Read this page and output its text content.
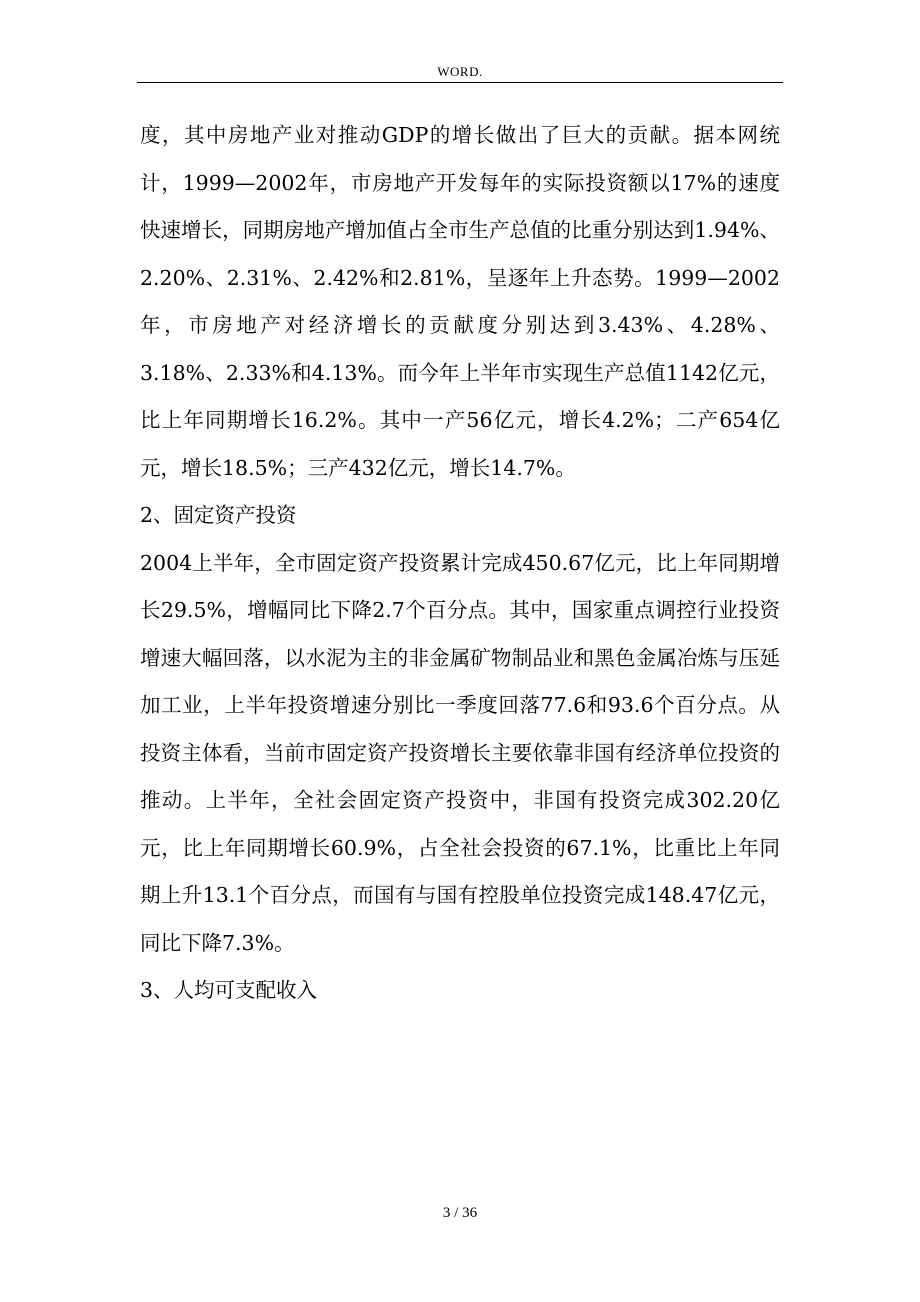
WORD.

度，其中房地产业对推动GDP的增长做出了巨大的贡献。据本网统计，1999—2002年，市房地产开发每年的实际投资额以17%的速度快速增长，同期房地产增加值占全市生产总值的比重分别达到1.94%、2.20%、2.31%、2.42%和2.81%，呈逐年上升态势。1999—2002年，市房地产对经济增长的贡献度分别达到3.43%、4.28%、3.18%、2.33%和4.13%。而今年上半年市实现生产总值1142亿元，比上年同期增长16.2%。其中一产56亿元，增长4.2%；二产654亿元，增长18.5%；三产432亿元，增长14.7%。

2、固定资产投资

2004上半年，全市固定资产投资累计完成450.67亿元，比上年同期增长29.5%，增幅同比下降2.7个百分点。其中，国家重点调控行业投资增速大幅回落，以水泥为主的非金属矿物制品业和黑色金属冶炼与压延加工业，上半年投资增速分别比一季度回落77.6和93.6个百分点。从投资主体看，当前市固定资产投资增长主要依靠非国有经济单位投资的推动。上半年，全社会固定资产投资中，非国有投资完成302.20亿元，比上年同期增长60.9%，占全社会投资的67.1%，比重比上年同期上升13.1个百分点，而国有与国有控股单位投资完成148.47亿元，同比下降7.3%。

3、人均可支配收入

3 / 36
